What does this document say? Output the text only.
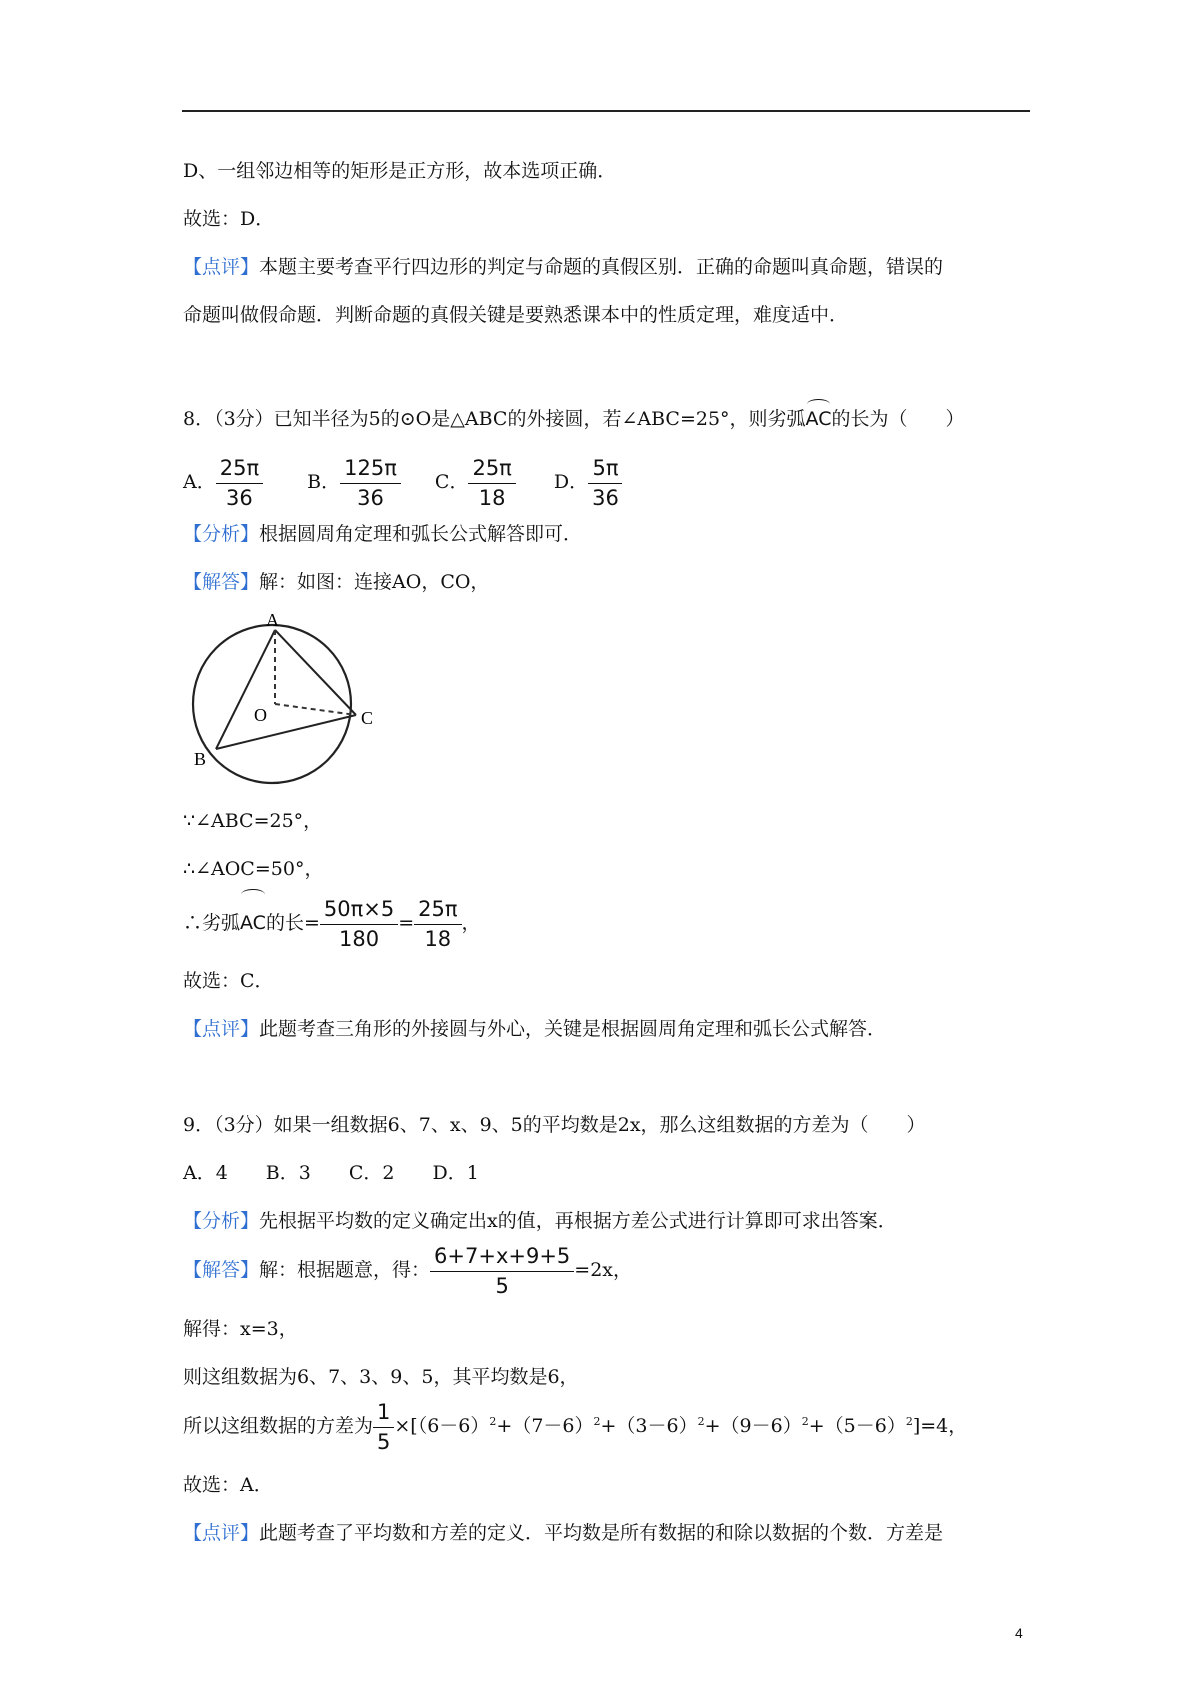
D、一组邻边相等的矩形是正方形，故本选项正确．
故选：D．
【点评】本题主要考查平行四边形的判定与命题的真假区别．正确的命题叫真命题，错误的
命题叫做假命题．判断命题的真假关键是要熟悉课本中的性质定理，难度适中．
8．（3分）已知半径为5的⊙O是△ABC的外接圆，若∠ABC=25°，则劣弧AC的长为（　　）
A． $\frac{25\pi}{36}$ B． $\frac{125\pi}{36}$ C． $\frac{25\pi}{18}$ D． $\frac{5\pi}{36}$
【分析】根据圆周角定理和弧长公式解答即可．
【解答】解：如图：连接AO，CO，
A
O	C
B
∵∠ABC=25°，
∴∠AOC=50°，
∴劣弧AC的长= $\frac{50\pi\times 5}{180} = \frac{25\pi}{18}$ ，
故选：C．
【点评】此题考查三角形的外接圆与外心，关键是根据圆周角定理和弧长公式解答．
9．（3分）如果一组数据6、7、x、9、5的平均数是2x，那么这组数据的方差为（　　）
A．4　　B．3　　C．2　　D．1
【分析】先根据平均数的定义确定出x的值，再根据方差公式进行计算即可求出答案．
【解答】解：根据题意，得： $\frac{6+7+x+9+5}{5} =2x$，
解得：x=3，
则这组数据为6、7、3、9、5，其平均数是6，
所以这组数据的方差为 $\frac{1}{5} \times[(6-6)^2+(7-6)^2+(3-6)^2+(9-6)^2+(5-6)^2]=4$，
故选：A．
【点评】此题考查了平均数和方差的定义．平均数是所有数据的和除以数据的个数．方差是
4
